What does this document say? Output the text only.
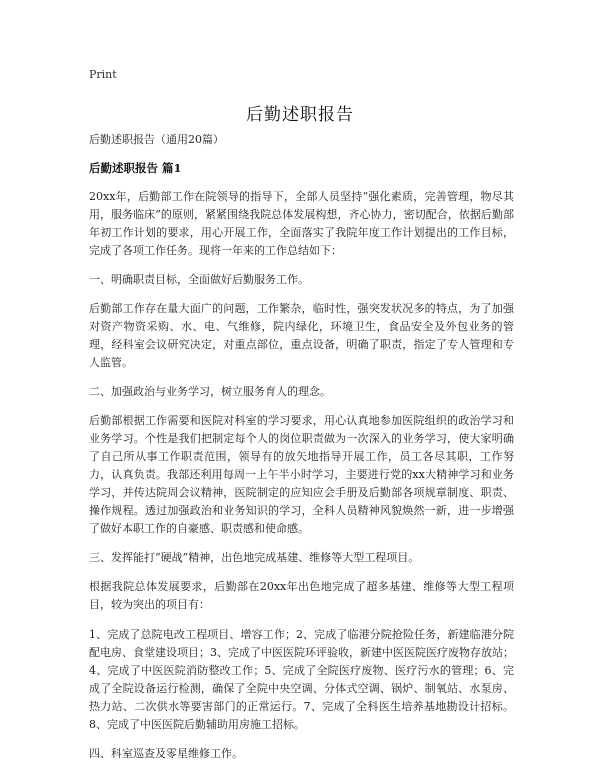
Print
后勤述职报告

后勤述职报告（通用20篇）

后勤述职报告 篇1

20xx年，后勤部工作在院领导的指导下，全部人员坚持“强化素质，完善管理，物尽其用，服务临床”的原则，紧紧围绕我院总体发展构想，齐心协力，密切配合，依据后勤部年初工作计划的要求，用心开展工作，全面落实了我院年度工作计划提出的工作目标，完成了各项工作任务。现将一年来的工作总结如下：

一、明确职责目标，全面做好后勤服务工作。

后勤部工作存在量大面广的问题，工作繁杂，临时性，强突发状况多的特点，为了加强对资产物资采购、水、电、气维修，院内绿化，环境卫生，食品安全及外包业务的管理，经科室会议研究决定，对重点部位，重点设备，明确了职责，指定了专人管理和专人监管。

二、加强政治与业务学习，树立服务育人的理念。

后勤部根据工作需要和医院对科室的学习要求，用心认真地参加医院组织的政治学习和业务学习。个性是我们把制定每个人的岗位职责做为一次深入的业务学习，使大家明确了自己所从事工作职责范围，领导有的放矢地指导开展工作，员工各尽其职，工作努力，认真负责。我部还利用每周一上午半小时学习，主要进行党的xx大精神学习和业务学习，并传达院周会议精神，医院制定的应知应会手册及后勤部各项规章制度、职责、操作规程。透过加强政治和业务知识的学习，全科人员精神风貌焕然一新，进一步增强了做好本职工作的自豪感、职责感和使命感。

三、发挥能打“硬战”精神，出色地完成基建、维修等大型工程项目。

根据我院总体发展要求，后勤部在20xx年出色地完成了超多基建、维修等大型工程项目，较为突出的项目有：

1、完成了总院电改工程项目、增容工作；2、完成了临港分院抢险任务，新建临港分院配电房、食堂建设项目；3、完成了中医医院环评验收，新建中医医院医疗废物存放站；4、完成了中医医院消防整改工作；5、完成了全院医疗废物、医疗污水的管理；6、完成了全院设备运行检测，确保了全院中央空调、分体式空调、锅炉、制氧站、水泵房、热力站、二次供水等要害部门的正常运行。7、完成了全科医生培养基地勘设计招标。8、完成了中医医院后勤辅助用房施工招标。

四、科室巡查及零星维修工作。
